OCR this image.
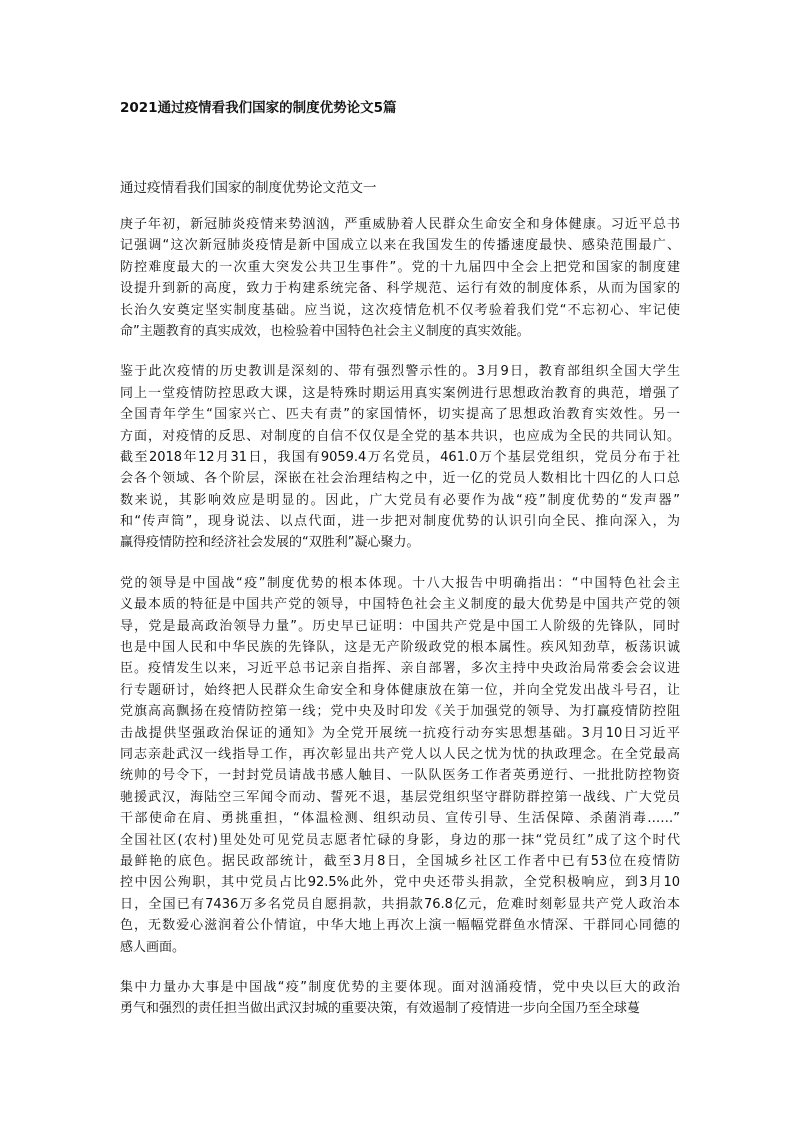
2021通过疫情看我们国家的制度优势论文5篇
通过疫情看我们国家的制度优势论文范文一
庚子年初，新冠肺炎疫情来势汹汹，严重威胁着人民群众生命安全和身体健康。习近平总书
记强调“这次新冠肺炎疫情是新中国成立以来在我国发生的传播速度最快、感染范围最广、
防控难度最大的一次重大突发公共卫生事件”。党的十九届四中全会上把党和国家的制度建
设提升到新的高度，致力于构建系统完备、科学规范、运行有效的制度体系，从而为国家的
长治久安奠定坚实制度基础。应当说，这次疫情危机不仅考验着我们党“不忘初心、牢记使
命”主题教育的真实成效，也检验着中国特色社会主义制度的真实效能。
鉴于此次疫情的历史教训是深刻的、带有强烈警示性的。3月9日，教育部组织全国大学生
同上一堂疫情防控思政大课，这是特殊时期运用真实案例进行思想政治教育的典范，增强了
全国青年学生“国家兴亡、匹夫有责”的家国情怀，切实提高了思想政治教育实效性。另一
方面，对疫情的反思、对制度的自信不仅仅是全党的基本共识，也应成为全民的共同认知。
截至2018年12月31日，我国有9059.4万名党员，461.0万个基层党组织，党员分布于社
会各个领域、各个阶层，深嵌在社会治理结构之中，近一亿的党员人数相比十四亿的人口总
数来说，其影响效应是明显的。因此，广大党员有必要作为战“疫”制度优势的“发声器”
和“传声筒”，现身说法、以点代面，进一步把对制度优势的认识引向全民、推向深入，为
赢得疫情防控和经济社会发展的“双胜利”凝心聚力。
党的领导是中国战“疫”制度优势的根本体现。十八大报告中明确指出：“中国特色社会主
义最本质的特征是中国共产党的领导，中国特色社会主义制度的最大优势是中国共产党的领
导，党是最高政治领导力量”。历史早已证明：中国共产党是中国工人阶级的先锋队，同时
也是中国人民和中华民族的先锋队，这是无产阶级政党的根本属性。疾风知劲草，板荡识诚
臣。疫情发生以来，习近平总书记亲自指挥、亲自部署，多次主持中央政治局常委会会议进
行专题研讨，始终把人民群众生命安全和身体健康放在第一位，并向全党发出战斗号召，让
党旗高高飘扬在疫情防控第一线；党中央及时印发《关于加强党的领导、为打赢疫情防控阻
击战提供坚强政治保证的通知》为全党开展统一抗疫行动夯实思想基础。3月10日习近平
同志亲赴武汉一线指导工作，再次彰显出共产党人以人民之忧为忧的执政理念。在全党最高
统帅的号令下，一封封党员请战书感人触目、一队队医务工作者英勇逆行、一批批防控物资
驰援武汉，海陆空三军闻令而动、誓死不退，基层党组织坚守群防群控第一战线、广大党员
干部使命在肩、勇挑重担，“体温检测、组织动员、宣传引导、生活保障、杀菌消毒……”
全国社区(农村)里处处可见党员志愿者忙碌的身影，身边的那一抹“党员红”成了这个时代
最鲜艳的底色。据民政部统计，截至3月8日，全国城乡社区工作者中已有53位在疫情防
控中因公殉职，其中党员占比92.5%此外，党中央还带头捐款，全党积极响应，到3月10
日，全国已有7436万多名党员自愿捐款，共捐款76.8亿元，危难时刻彰显共产党人政治本
色，无数爱心滋润着公仆情谊，中华大地上再次上演一幅幅党群鱼水情深、干群同心同德的
感人画面。
集中力量办大事是中国战“疫”制度优势的主要体现。面对汹涌疫情，党中央以巨大的政治
勇气和强烈的责任担当做出武汉封城的重要决策，有效遏制了疫情进一步向全国乃至全球蔓
